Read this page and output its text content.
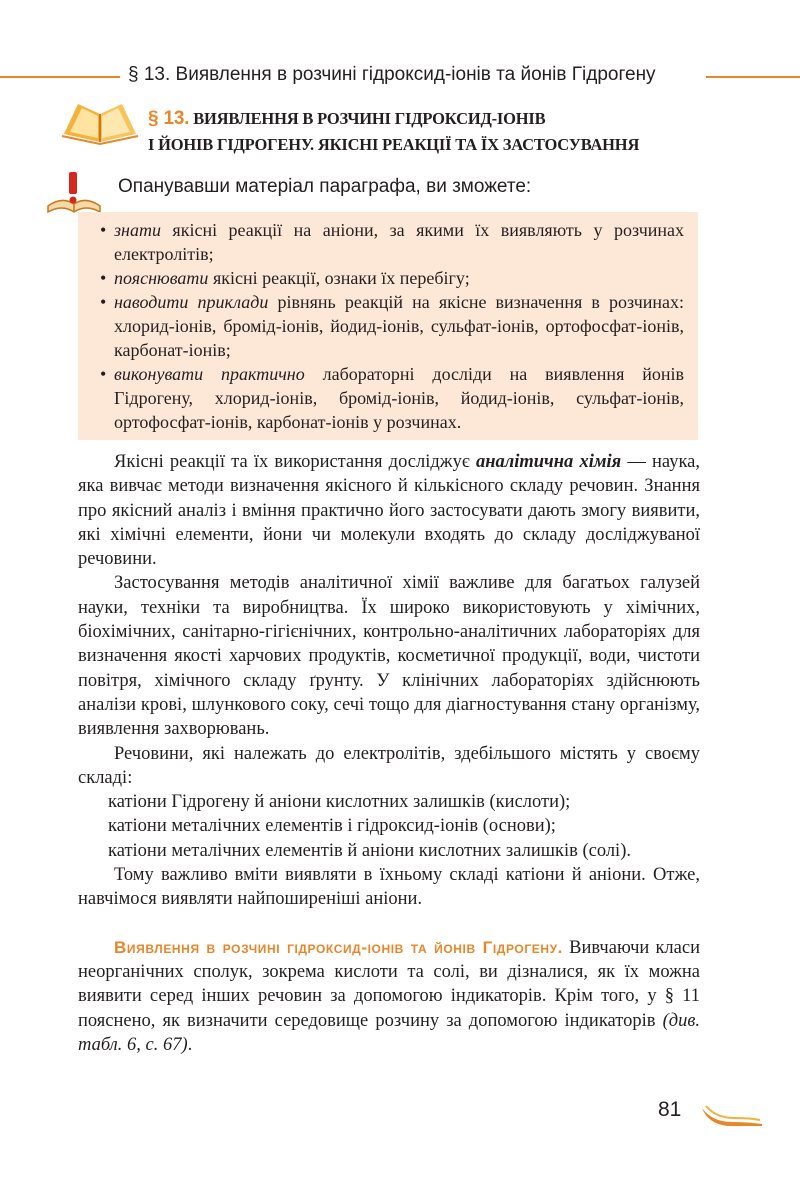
§ 13. Виявлення в розчині гідроксид-іонів та йонів Гідрогену
§ 13. ВИЯВЛЕННЯ В РОЗЧИНІ ГІДРОКСИД-ІОНІВ
І ЙОНІВ ГІДРОГЕНУ. ЯКІСНІ РЕАКЦІЇ ТА ЇХ ЗАСТОСУВАННЯ
Опанувавши матеріал параграфа, ви зможете:
• знати якісні реакції на аніони, за якими їх виявляють у розчинах електролітів;
• пояснювати якісні реакції, ознаки їх перебігу;
• наводити приклади рівнянь реакцій на якісне визначення в розчинах: хлорид-іонів, бромід-іонів, йодид-іонів, сульфат-іонів, ортофосфат-іонів, карбонат-іонів;
• виконувати практично лабораторні досліди на виявлення йонів Гідрогену, хлорид-іонів, бромід-іонів, йодид-іонів, сульфат-іонів, ортофосфат-іонів, карбонат-іонів у розчинах.

Якісні реакції та їх використання досліджує аналітична хімія — наука, яка вивчає методи визначення якісного й кількісного складу речовин. Знання про якісний аналіз і вміння практично його застосувати дають змогу виявити, які хімічні елементи, йони чи молекули входять до складу досліджуваної речовини.

Застосування методів аналітичної хімії важливе для багатьох галузей науки, техніки та виробництва. Їх широко використовують у хімічних, біохімічних, санітарно-гігієнічних, контрольно-аналітичних лабораторіях для визначення якості харчових продуктів, косметичної продукції, води, чистоти повітря, хімічного складу ґрунту. У клінічних лабораторіях здійснюють аналізи крові, шлункового соку, сечі тощо для діагностування стану організму, виявлення захворювань.

Речовини, які належать до електролітів, здебільшого містять у своєму складі:

катіони Гідрогену й аніони кислотних залишків (кислоти);

катіони металічних елементів і гідроксид-іонів (основи);

катіони металічних елементів й аніони кислотних залишків (солі).

Тому важливо вміти виявляти в їхньому складі катіони й аніони. Отже, навчімося виявляти найпоширеніші аніони.

Виявлення в розчині гідроксид-іонів та йонів Гідрогену. Вивчаючи класи неорганічних сполук, зокрема кислоти та солі, ви дізналися, як їх можна виявити серед інших речовин за допомогою індикаторів. Крім того, у § 11 пояснено, як визначити середовище розчину за допомогою індикаторів (див. табл. 6, с. 67).

81
